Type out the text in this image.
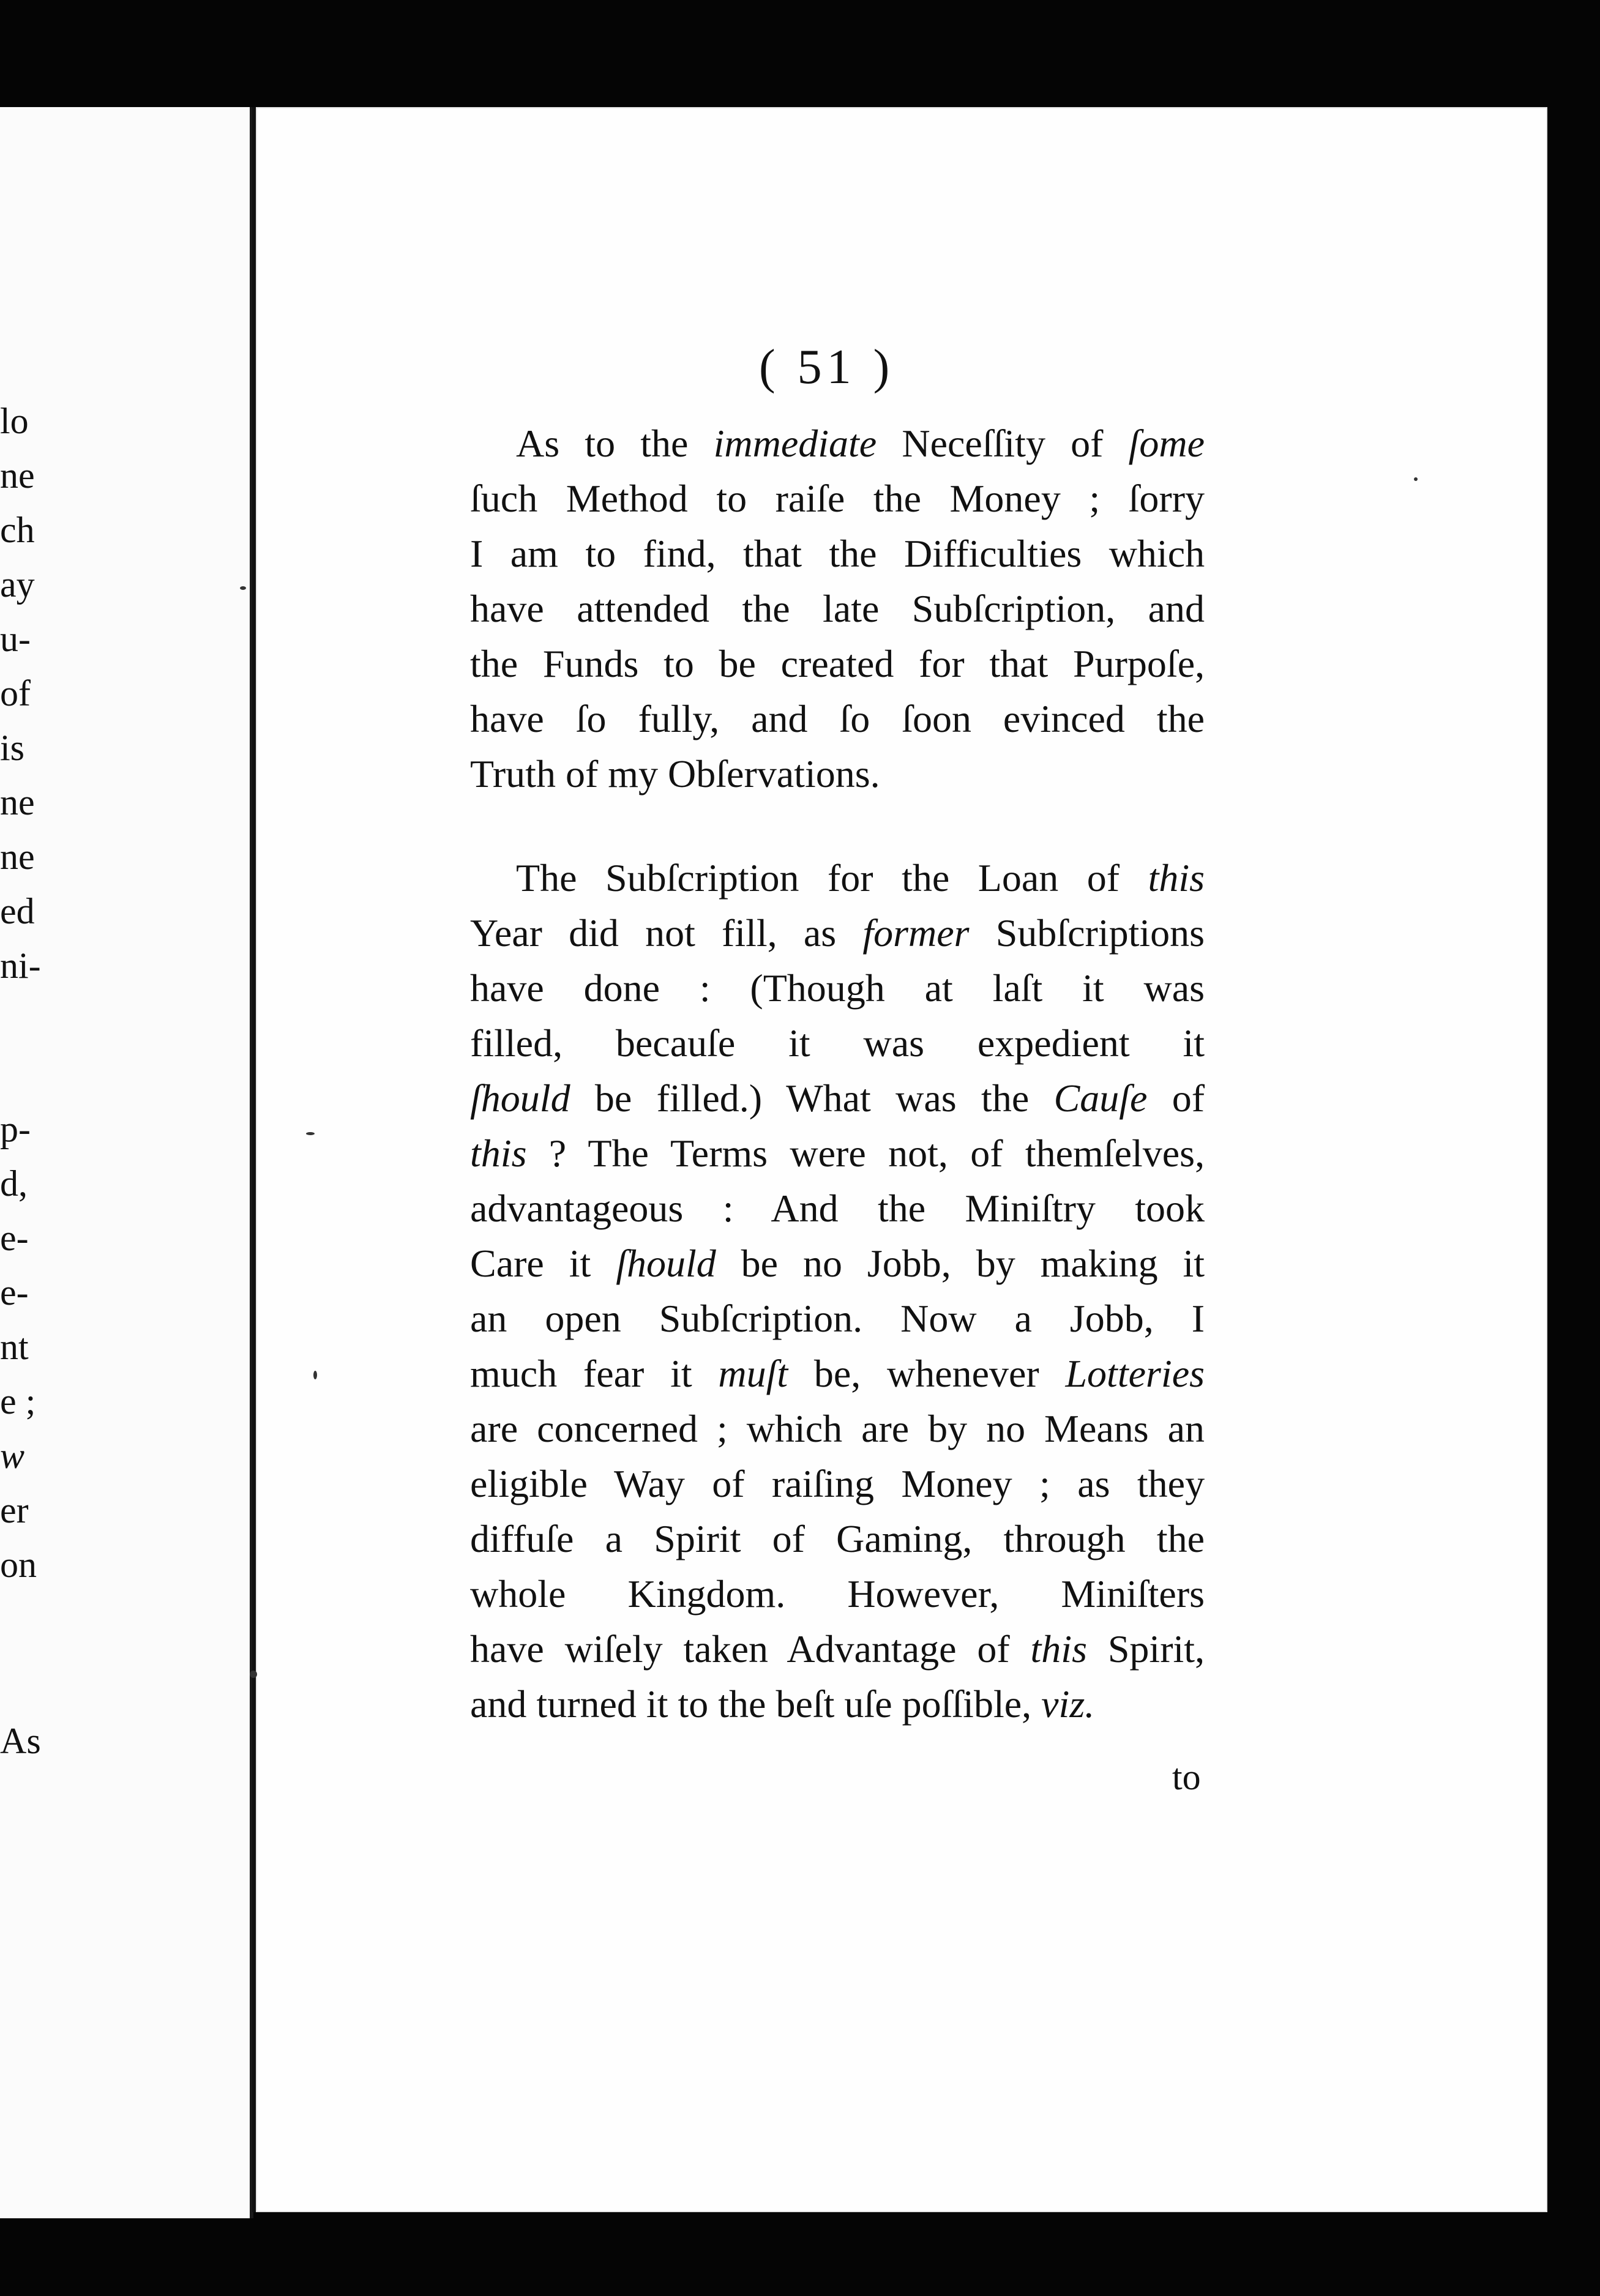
lo
ne
ch
ay
u-
of
is
ne
ne
ed
ni-
p-
d,
e-
e-
nt
e ;
w
er
on
As
( 51 )
As to the immediate Neceſſity of ſome
ſuch Method to raiſe the Money ; ſorry
I am to find, that the Difficulties which
have attended the late Subſcription, and
the Funds to be created for that Purpoſe,
have ſo fully, and ſo ſoon evinced the
Truth of my Obſervations.
The Subſcription for the Loan of this
Year did not fill, as former Subſcriptions
have done : (Though at laſt it was
filled, becauſe it was expedient it
ſhould be filled.) What was the Cauſe of
this ? The Terms were not, of themſelves,
advantageous : And the Miniſtry took
Care it ſhould be no Jobb, by making it
an open Subſcription. Now a Jobb, I
much fear it muſt be, whenever Lotteries
are concerned ; which are by no Means an
eligible Way of raiſing Money ; as they
diffuſe a Spirit of Gaming, through the
whole Kingdom. However, Miniſters
have wiſely taken Advantage of this Spirit,
and turned it to the beſt uſe poſſible, viz.
to
